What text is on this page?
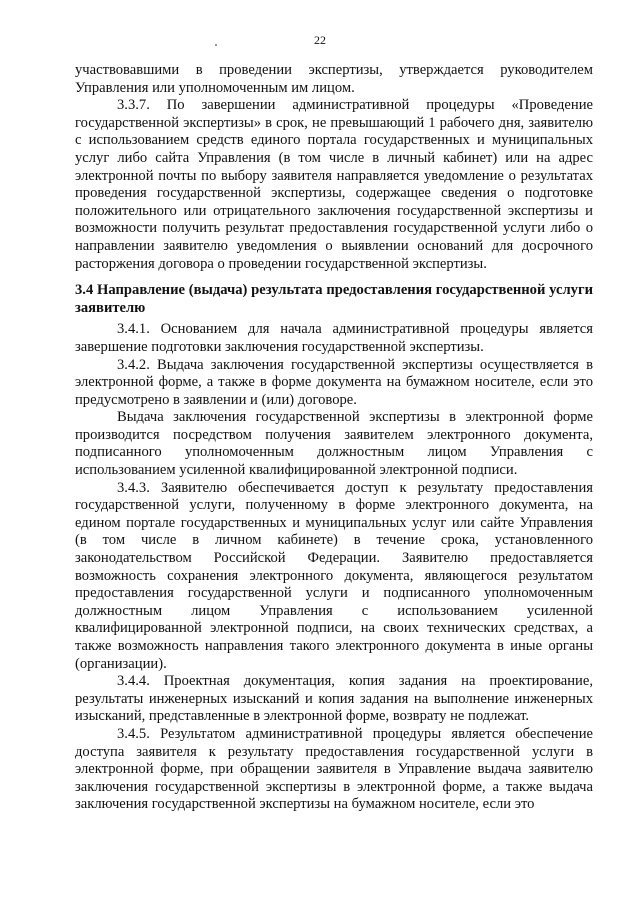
22

участвовавшими в проведении экспертизы, утверждается руководителем Управления или уполномоченным им лицом.

3.3.7. По завершении административной процедуры «Проведение государственной экспертизы» в срок, не превышающий 1 рабочего дня, заявителю с использованием средств единого портала государственных и муниципальных услуг либо сайта Управления (в том числе в личный кабинет) или на адрес электронной почты по выбору заявителя направляется уведомление о результатах проведения государственной экспертизы, содержащее сведения о подготовке положительного или отрицательного заключения государственной экспертизы и возможности получить результат предоставления государственной услуги либо о направлении заявителю уведомления о выявлении оснований для досрочного расторжения договора о проведении государственной экспертизы.

3.4 Направление (выдача) результата предоставления государственной услуги заявителю

3.4.1. Основанием для начала административной процедуры является завершение подготовки заключения государственной экспертизы.

3.4.2. Выдача заключения государственной экспертизы осуществляется в электронной форме, а также в форме документа на бумажном носителе, если это предусмотрено в заявлении и (или) договоре.

Выдача заключения государственной экспертизы в электронной форме производится посредством получения заявителем электронного документа, подписанного уполномоченным должностным лицом Управления с использованием усиленной квалифицированной электронной подписи.

3.4.3. Заявителю обеспечивается доступ к результату предоставления государственной услуги, полученному в форме электронного документа, на едином портале государственных и муниципальных услуг или сайте Управления (в том числе в личном кабинете) в течение срока, установленного законодательством Российской Федерации. Заявителю предоставляется возможность сохранения электронного документа, являющегося результатом предоставления государственной услуги и подписанного уполномоченным должностным лицом Управления с использованием усиленной квалифицированной электронной подписи, на своих технических средствах, а также возможность направления такого электронного документа в иные органы (организации).

3.4.4. Проектная документация, копия задания на проектирование, результаты инженерных изысканий и копия задания на выполнение инженерных изысканий, представленные в электронной форме, возврату не подлежат.

3.4.5. Результатом административной процедуры является обеспечение доступа заявителя к результату предоставления государственной услуги в электронной форме, при обращении заявителя в Управление выдача заявителю заключения государственной экспертизы в электронной форме, а также выдача заключения государственной экспертизы на бумажном носителе, если это
